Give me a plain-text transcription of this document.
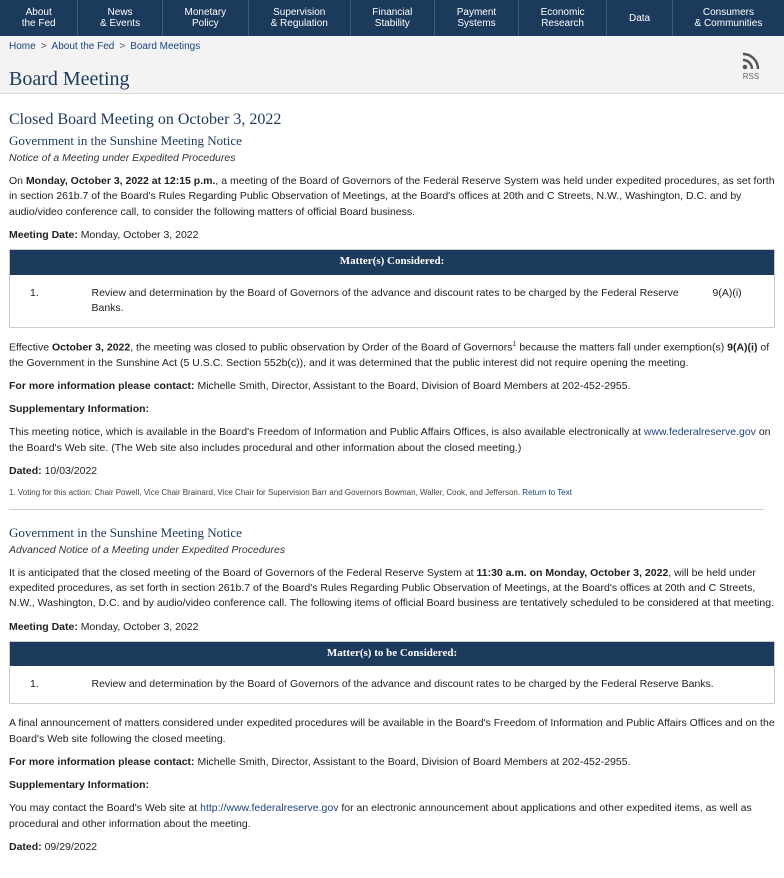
About
the Fed
News
& Events
Monetary
Policy
Supervision
& Regulation
Financial
Stability
Payment
Systems
Economic
Research	Data	Consumers
& Communities
Home > About the Fed > Board Meetings
Board Meeting	RSS
Closed Board Meeting on October 3, 2022
Government in the Sunshine Meeting Notice
Notice of a Meeting under Expedited Procedures

On Monday, October 3, 2022 at 12:15 p.m., a meeting of the Board of Governors of the Federal Reserve System was held under expedited procedures, as set forth in section 261b.7 of the Board's Rules Regarding Public Observation of Meetings, at the Board's offices at 20th and C Streets, N.W., Washington, D.C. and by audio/video conference call, to consider the following matters of official Board business.

Meeting Date: Monday, October 3, 2022

Matter(s) Considered:
1.	Review and determination by the Board of Governors of the advance and discount rates to be charged by the Federal Reserve Banks.	9(A)(i)

Effective October 3, 2022, the meeting was closed to public observation by Order of the Board of Governors$^1$ because the matters fall under exemption(s) 9(A)(i) of the Government in the Sunshine Act (5 U.S.C. Section 552b(c)), and it was determined that the public interest did not require opening the meeting.

For more information please contact: Michelle Smith, Director, Assistant to the Board, Division of Board Members at 202-452-2955.

Supplementary Information:

This meeting notice, which is available in the Board's Freedom of Information and Public Affairs Offices, is also available electronically at www.federalreserve.gov on the Board's Web site. (The Web site also includes procedural and other information about the closed meeting.)

Dated: 10/03/2022

1. Voting for this action: Chair Powell, Vice Chair Brainard, Vice Chair for Supervision Barr and Governors Bowman, Waller, Cook, and Jefferson. Return to Text
Government in the Sunshine Meeting Notice
Advanced Notice of a Meeting under Expedited Procedures

It is anticipated that the closed meeting of the Board of Governors of the Federal Reserve System at 11:30 a.m. on Monday, October 3, 2022, will be held under expedited procedures, as set forth in section 261b.7 of the Board's Rules Regarding Public Observation of Meetings, at the Board's offices at 20th and C Streets, N.W., Washington, D.C. and by audio/video conference call. The following items of official Board business are tentatively scheduled to be considered at that meeting.

Meeting Date: Monday, October 3, 2022

Matter(s) to be Considered:
1.	Review and determination by the Board of Governors of the advance and discount rates to be charged by the Federal Reserve Banks.

A final announcement of matters considered under expedited procedures will be available in the Board's Freedom of Information and Public Affairs Offices and on the Board's Web site following the closed meeting.

For more information please contact: Michelle Smith, Director, Assistant to the Board, Division of Board Members at 202-452-2955.

Supplementary Information:

You may contact the Board's Web site at http://www.federalreserve.gov for an electronic announcement about applications and other expedited items, as well as procedural and other information about the meeting.

Dated: 09/29/2022
